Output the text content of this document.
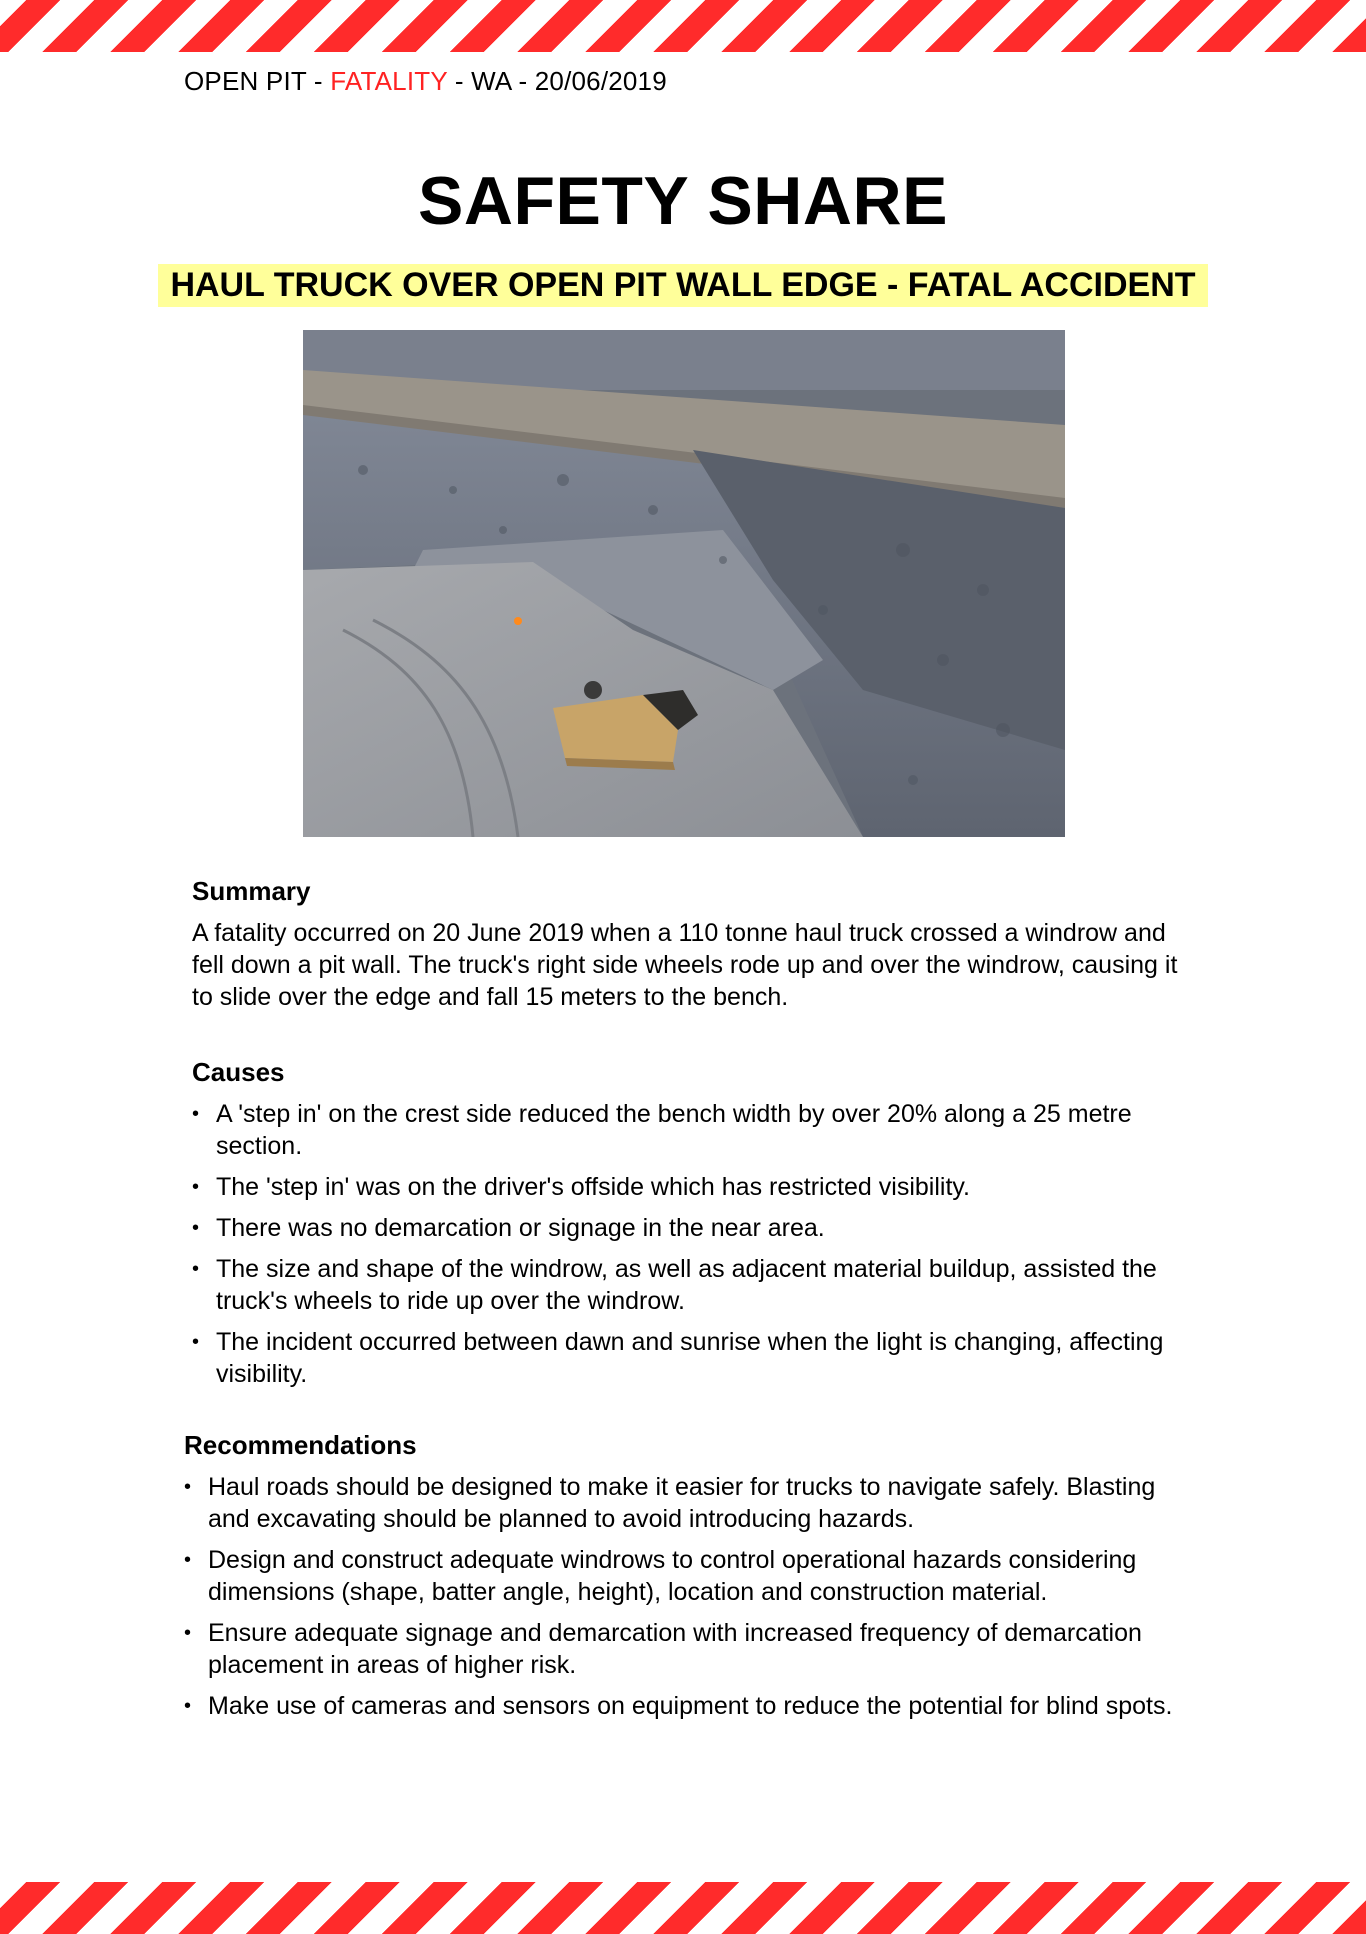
OPEN PIT - FATALITY - WA - 20/06/2019
SAFETY SHARE
HAUL TRUCK OVER OPEN PIT WALL EDGE - FATAL ACCIDENT
Summary

A fatality occurred on 20 June 2019 when a 110 tonne haul truck crossed a windrow and fell down a pit wall. The truck's right side wheels rode up and over the windrow, causing it to slide over the edge and fall 15 meters to the bench.

Causes
• A 'step in' on the crest side reduced the bench width by over 20% along a 25 metre section.
• The 'step in' was on the driver's offside which has restricted visibility.
• There was no demarcation or signage in the near area.
• The size and shape of the windrow, as well as adjacent material buildup, assisted the truck's wheels to ride up over the windrow.
• The incident occurred between dawn and sunrise when the light is changing, affecting visibility.
Recommendations
• Haul roads should be designed to make it easier for trucks to navigate safely. Blasting and excavating should be planned to avoid introducing hazards.
• Design and construct adequate windrows to control operational hazards considering dimensions (shape, batter angle, height), location and construction material.
• Ensure adequate signage and demarcation with increased frequency of demarcation placement in areas of higher risk.
• Make use of cameras and sensors on equipment to reduce the potential for blind spots.
